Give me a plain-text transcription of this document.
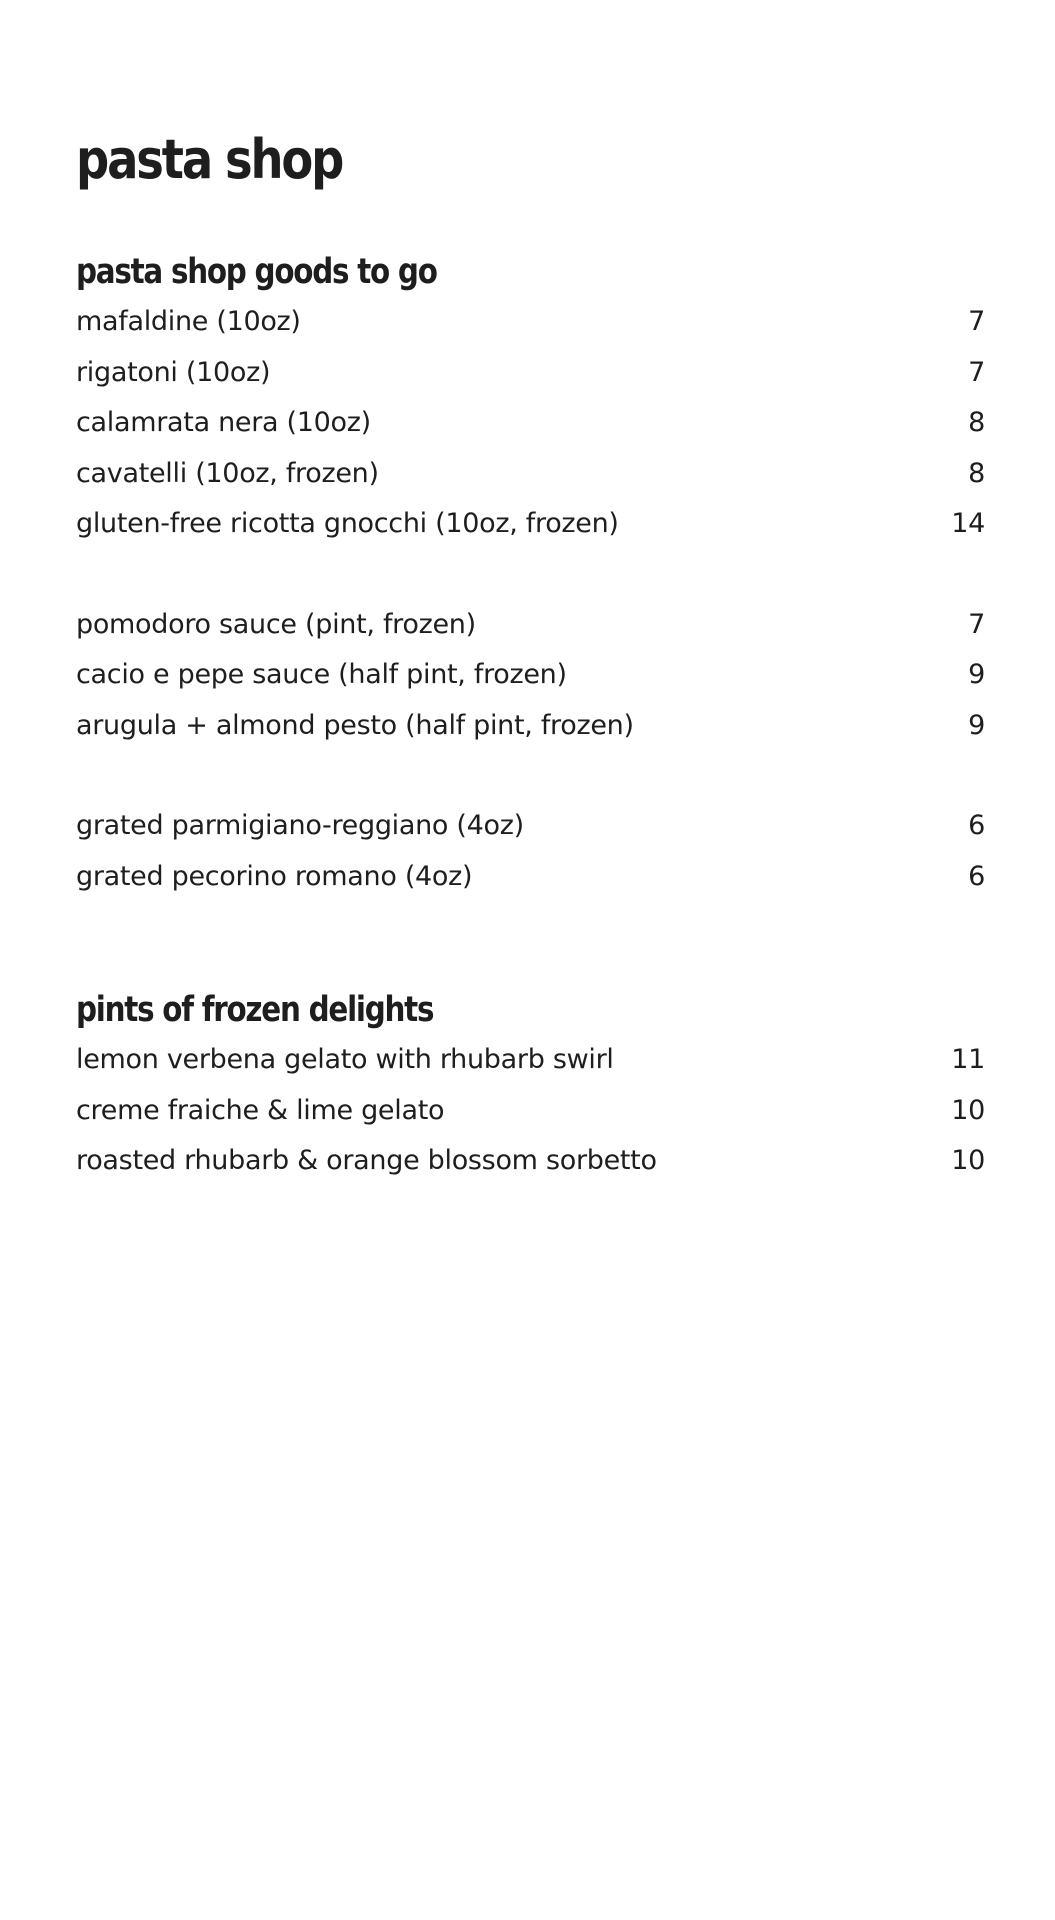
pasta shop
pasta shop goods to go
mafaldine (10oz)	7
rigatoni (10oz)	7
calamrata nera (10oz)	8
cavatelli (10oz, frozen)	8
gluten-free ricotta gnocchi (10oz, frozen)	14
pomodoro sauce (pint, frozen)	7
cacio e pepe sauce (half pint, frozen)	9
arugula + almond pesto (half pint, frozen)	9
grated parmigiano-reggiano (4oz)	6
grated pecorino romano (4oz)	6
pints of frozen delights
lemon verbena gelato with rhubarb swirl	11
creme fraiche & lime gelato	10
roasted rhubarb & orange blossom sorbetto	10
